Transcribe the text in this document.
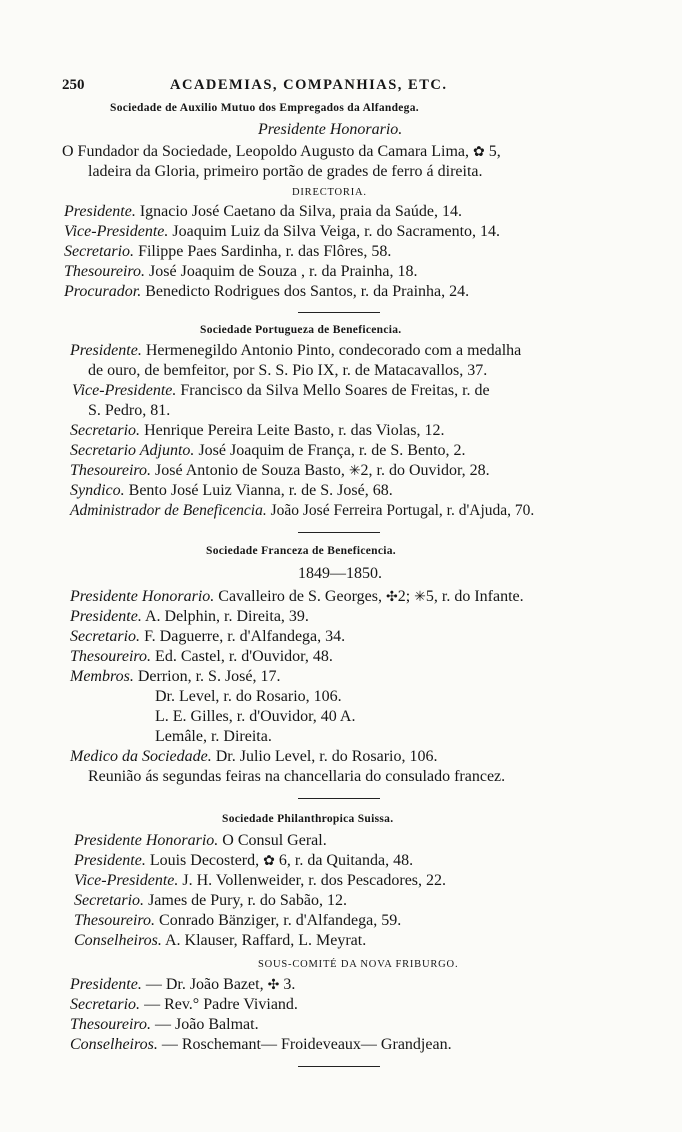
250	ACADEMIAS, COMPANHIAS, ETC.
Sociedade de Auxilio Mutuo dos Empregados da Alfandega.
Presidente Honorario.
O Fundador da Sociedade, Leopoldo Augusto da Camara Lima, ✿ 5,
ladeira da Gloria, primeiro portão de grades de ferro á direita.
DIRECTORIA.
Presidente. Ignacio José Caetano da Silva, praia da Saúde, 14.
Vice-Presidente. Joaquim Luiz da Silva Veiga, r. do Sacramento, 14.
Secretario. Filippe Paes Sardinha, r. das Flôres, 58.
Thesoureiro. José Joaquim de Souza , r. da Prainha, 18.
Procurador. Benedicto Rodrigues dos Santos, r. da Prainha, 24.
Sociedade Portugueza de Beneficencia.
Presidente. Hermenegildo Antonio Pinto, condecorado com a medalha
de ouro, de bemfeitor, por S. S. Pio IX, r. de Matacavallos, 37.
Vice-Presidente. Francisco da Silva Mello Soares de Freitas, r. de
S. Pedro, 81.
Secretario. Henrique Pereira Leite Basto, r. das Violas, 12.
Secretario Adjunto. José Joaquim de França, r. de S. Bento, 2.
Thesoureiro. José Antonio de Souza Basto, ✳2, r. do Ouvidor, 28.
Syndico. Bento José Luiz Vianna, r. de S. José, 68.
Administrador de Beneficencia. João José Ferreira Portugal, r. d'Ajuda, 70.
Sociedade Franceza de Beneficencia.
1849—1850.
Presidente Honorario. Cavalleiro de S. Georges, ✣2; ✳5, r. do Infante.
Presidente. A. Delphin, r. Direita, 39.
Secretario. F. Daguerre, r. d'Alfandega, 34.
Thesoureiro. Ed. Castel, r. d'Ouvidor, 48.
Membros. Derrion, r. S. José, 17.
Dr. Level, r. do Rosario, 106.
L. E. Gilles, r. d'Ouvidor, 40 A.
Lemâle, r. Direita.
Medico da Sociedade. Dr. Julio Level, r. do Rosario, 106.
Reunião ás segundas feiras na chancellaria do consulado francez.
Sociedade Philanthropica Suissa.
Presidente Honorario. O Consul Geral.
Presidente. Louis Decosterd, ✿ 6, r. da Quitanda, 48.
Vice-Presidente. J. H. Vollenweider, r. dos Pescadores, 22.
Secretario. James de Pury, r. do Sabão, 12.
Thesoureiro. Conrado Bänziger, r. d'Alfandega, 59.
Conselheiros. A. Klauser, Raffard, L. Meyrat.
SOUS-COMITÉ DA NOVA FRIBURGO.
Presidente. — Dr. João Bazet, ✣ 3.
Secretario. — Rev.° Padre Viviand.
Thesoureiro. — João Balmat.
Conselheiros. — Roschemant— Froideveaux— Grandjean.
